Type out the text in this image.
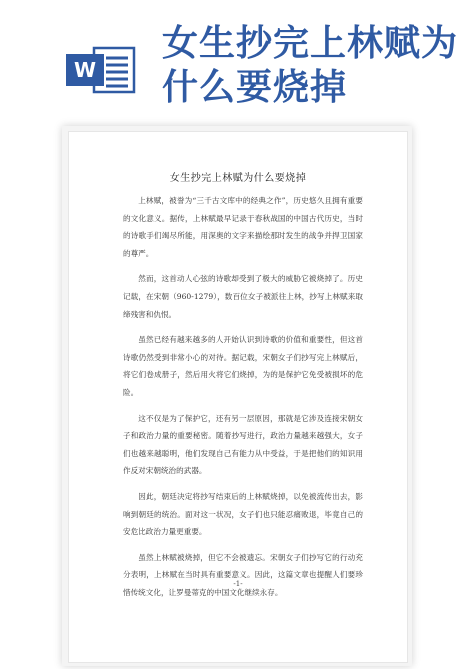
W
女生抄完上林赋为
什么要烧掉
女生抄完上林赋为什么要烧掉

上林赋，被誉为“三千古文库中的经典之作”，历史悠久且拥有重要的文化意义。据传，上林赋最早记录于春秋战国的中国古代历史，当时的诗歌手们竭尽所能，用深奥的文字来描绘那时发生的战争并捍卫国家的尊严。

然而，这首动人心弦的诗歌却受到了极大的威胁它被烧掉了。历史记载，在宋朝（960-1279），数百位女子被派往上林，抄写上林赋来取缔残害和仇恨。

虽然已经有越来越多的人开始认识到诗歌的价值和重要性，但这首诗歌仍然受到非常小心的对待。据记载，宋朝女子们抄写完上林赋后，将它们卷成册子，然后用火将它们烧掉，为的是保护它免受被损坏的危险。

这不仅是为了保护它，还有另一层原因，那就是它涉及连接宋朝女子和政治力量的重要秘密。随着抄写进行，政治力量越来越强大，女子们也越来越聪明，他们发现自己有能力从中受益，于是把他们的知识用作反对宋朝统治的武器。

因此，朝廷决定将抄写结束后的上林赋烧掉，以免被流传出去，影响到朝廷的统治。面对这一状况，女子们也只能忍痛败退，毕竟自己的安危比政治力量更重要。

虽然上林赋被烧掉，但它不会被遗忘。宋朝女子们抄写它的行动充分表明，上林赋在当时具有重要意义。因此，这篇文章也提醒人们要珍惜传统文化，让罗曼蒂克的中国文化继续永存。

-1-
